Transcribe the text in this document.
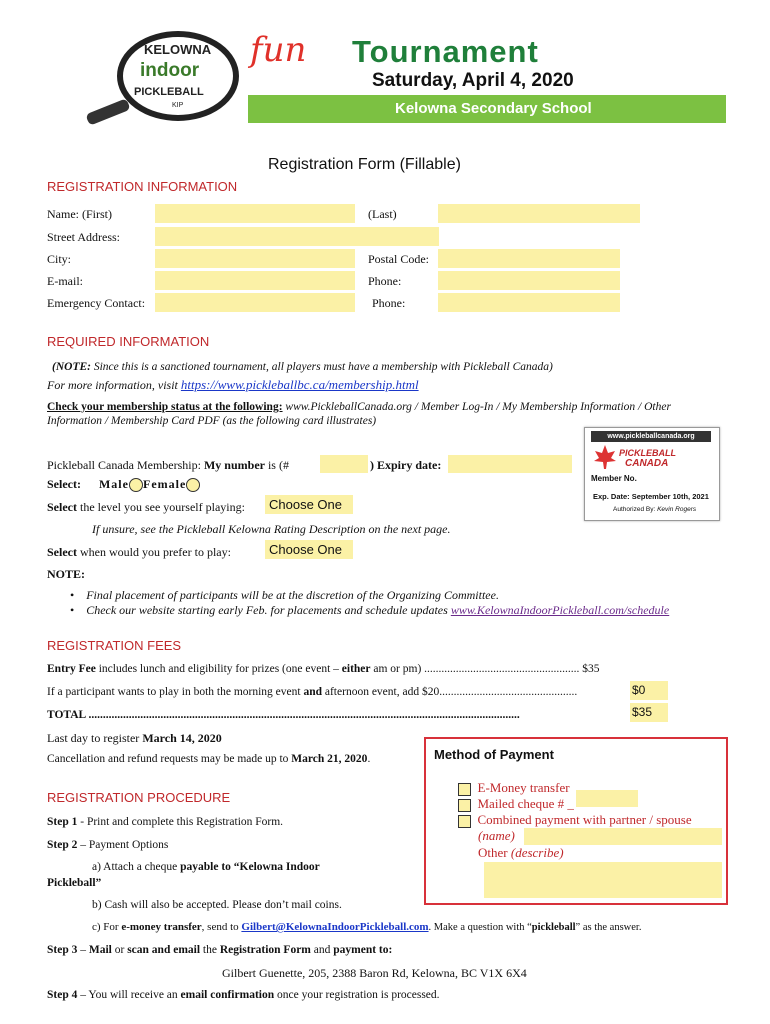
KELOWNA
indoor
PICKLEBALL
KIP
fun Tournament
Saturday, April 4, 2020
Kelowna Secondary School
Registration Form (Fillable)
REGISTRATION INFORMATION
Name: (First)	(Last)
Street Address:
City:	Postal Code:
E-mail:	Phone:
Emergency Contact:	Phone:
REQUIRED INFORMATION
(NOTE: Since this is a sanctioned tournament, all players must have a membership with Pickleball Canada)
For more information, visit https://www.pickleballbc.ca/membership.html
Check your membership status at the following: www.PickleballCanada.org / Member Log-In / My Membership Information / Other
Information / Membership Card PDF (as the following card illustrates)
www.pickleballcanada.org
PICKLEBALL
CANADA
Member No.
Exp. Date: September 10th, 2021
Authorized By: Kevin Rogers
Pickleball Canada Membership: My number is (#	) Expiry date:
Select: Male Female
Select the level you see yourself playing:	Choose One
If unsure, see the Pickleball Kelowna Rating Description on the next page.
Select when would you prefer to play:	Choose One
NOTE:
• Final placement of participants will be at the discretion of the Organizing Committee.
• Check our website starting early Feb. for placements and schedule updates www.KelownaIndoorPickleball.com/schedule
REGISTRATION FEES
Entry Fee includes lunch and eligibility for prizes (one event – either am or pm) ...................................................... $35
If a participant wants to play in both the morning event and afternoon event, add $20................................................	$0
TOTAL ......................................................................................................................................................	$35
Last day to register March 14, 2020
Cancellation and refund requests may be made up to March 21, 2020.	Method of Payment
E-Money transfer
Mailed cheque # _
Combined payment with partner / spouse
(name)
Other (describe)
REGISTRATION PROCEDURE
Step 1 - Print and complete this Registration Form.
Step 2 – Payment Options
a) Attach a cheque payable to “Kelowna Indoor
Pickleball”
b) Cash will also be accepted. Please don’t mail coins.
c) For e-money transfer, send to Gilbert@KelownaIndoorPickleball.com. Make a question with “pickleball” as the answer.
Step 3 – Mail or scan and email the Registration Form and payment to:
Gilbert Guenette, 205, 2388 Baron Rd, Kelowna, BC V1X 6X4
Step 4 – You will receive an email confirmation once your registration is processed.
